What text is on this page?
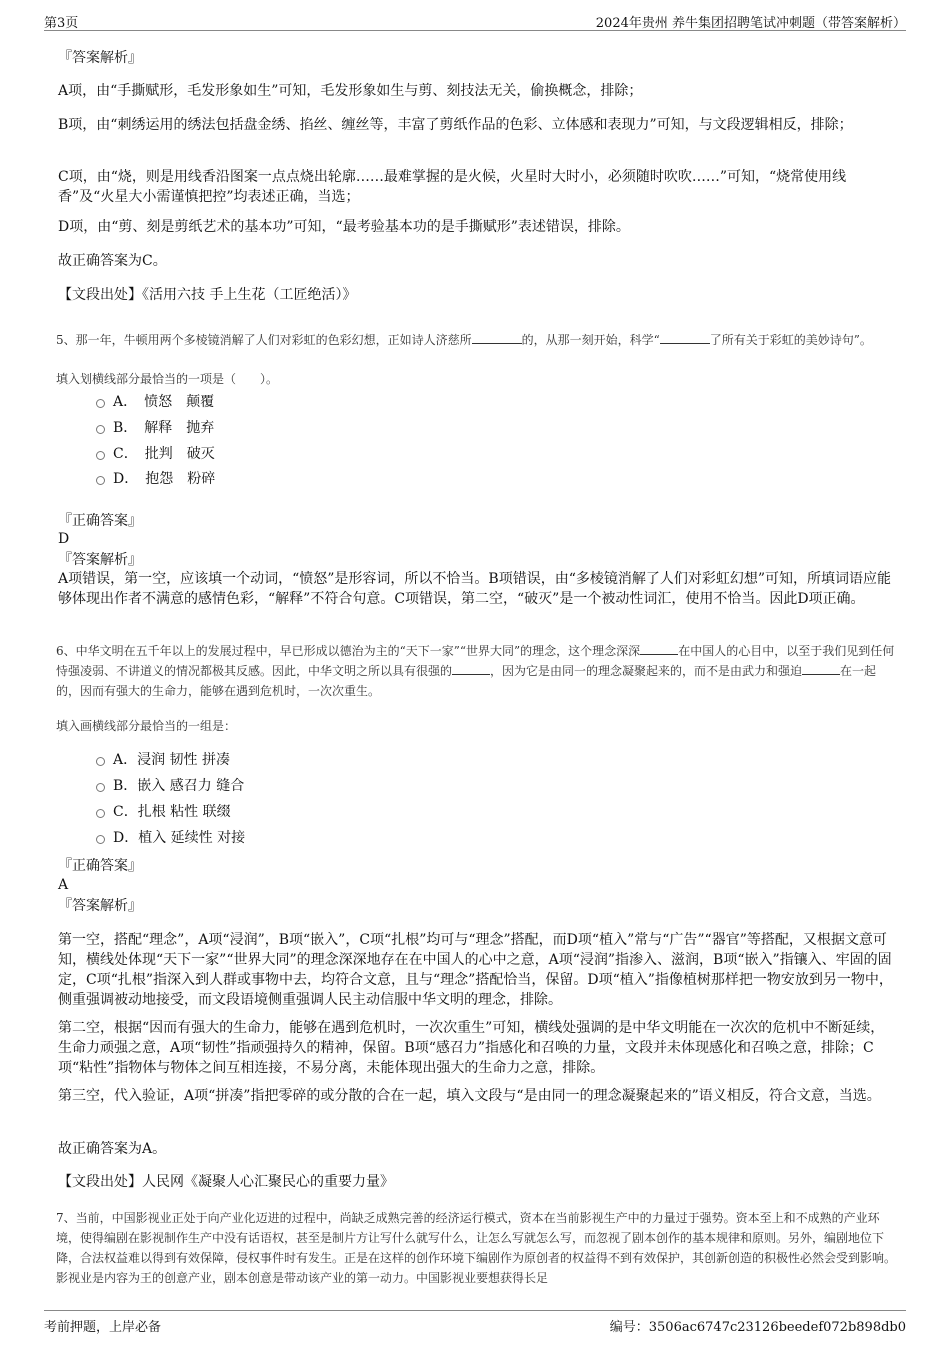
第3页	2024年贵州 养牛集团招聘笔试冲刺题（带答案解析）

『答案解析』

A项，由“手撕赋形，毛发形象如生”可知，毛发形象如生与剪、刻技法无关，偷换概念，排除；

B项，由“刺绣运用的绣法包括盘金绣、掐丝、缠丝等，丰富了剪纸作品的色彩、立体感和表现力”可知，与文段逻辑相反，排除；

C项，由“烧，则是用线香沿图案一点点烧出轮廓……最难掌握的是火候，火星时大时小，必须随时吹吹……”可知，“烧常使用线香”及“火星大小需谨慎把控”均表述正确，当选；

D项，由“剪、刻是剪纸艺术的基本功”可知，“最考验基本功的是手撕赋形”表述错误，排除。

故正确答案为C。

【文段出处】《活用六技 手上生花（工匠绝活）》

5、那一年，牛顿用两个多棱镜消解了人们对彩虹的色彩幻想，正如诗人济慈所	的，从那一刻开始，科学“	了所有关于彩虹的美妙诗句”。

填入划横线部分最恰当的一项是（　　）。

A．　愤怒　颠覆
B．　解释　抛弃
C．　批判　破灭
D．　抱怨　粉碎

『正确答案』

D

『答案解析』

A项错误，第一空，应该填一个动词，“愤怒”是形容词，所以不恰当。B项错误，由“多棱镜消解了人们对彩虹幻想”可知，所填词语应能够体现出作者不满意的感情色彩，“解释”不符合句意。C项错误，第二空，“破灭”是一个被动性词汇，使用不恰当。因此D项正确。

6、中华文明在五千年以上的发展过程中，早已形成以德治为主的“天下一家”“世界大同”的理念，这个理念深深	在中国人的心目中，以至于我们见到任何恃强凌弱、不讲道义的情况都极其反感。因此，中华文明之所以具有很强的	，因为它是由同一的理念凝聚起来的，而不是由武力和强迫	在一起的，因而有强大的生命力，能够在遇到危机时，一次次重生。

填入画横线部分最恰当的一组是：

A．浸润 韧性 拼凑
B．嵌入 感召力 缝合
C．扎根 粘性 联缀
D．植入 延续性 对接

『正确答案』

A

『答案解析』

第一空，搭配“理念”，A项“浸润”，B项“嵌入”，C项“扎根”均可与“理念”搭配，而D项“植入”常与“广告”“器官”等搭配，又根据文意可知，横线处体现“天下一家”“世界大同”的理念深深地存在在中国人的心中之意，A项“浸润”指渗入、滋润，B项“嵌入”指镶入、牢固的固定，C项“扎根”指深入到人群或事物中去，均符合文意，且与“理念”搭配恰当，保留。D项“植入”指像植树那样把一物安放到另一物中，侧重强调被动地接受，而文段语境侧重强调人民主动信服中华文明的理念，排除。

第二空，根据“因而有强大的生命力，能够在遇到危机时，一次次重生”可知，横线处强调的是中华文明能在一次次的危机中不断延续，生命力顽强之意，A项“韧性”指顽强持久的精神，保留。B项“感召力”指感化和召唤的力量，文段并未体现感化和召唤之意，排除；C项“粘性”指物体与物体之间互相连接，不易分离，未能体现出强大的生命力之意，排除。

第三空，代入验证，A项“拼凑”指把零碎的或分散的合在一起，填入文段与“是由同一的理念凝聚起来的”语义相反，符合文意，当选。

故正确答案为A。

【文段出处】人民网《凝聚人心汇聚民心的重要力量》

7、当前，中国影视业正处于向产业化迈进的过程中，尚缺乏成熟完善的经济运行模式，资本在当前影视生产中的力量过于强势。资本至上和不成熟的产业环境，使得编剧在影视制作生产中没有话语权，甚至是制片方让写什么就写什么，让怎么写就怎么写，而忽视了剧本创作的基本规律和原则。另外，编剧地位下降，合法权益难以得到有效保障，侵权事件时有发生。正是在这样的创作环境下编剧作为原创者的权益得不到有效保护，其创新创造的积极性必然会受到影响。影视业是内容为王的创意产业，剧本创意是带动该产业的第一动力。中国影视业要想获得长足

考前押题，上岸必备	编号：3506ac6747c23126beedef072b898db0
